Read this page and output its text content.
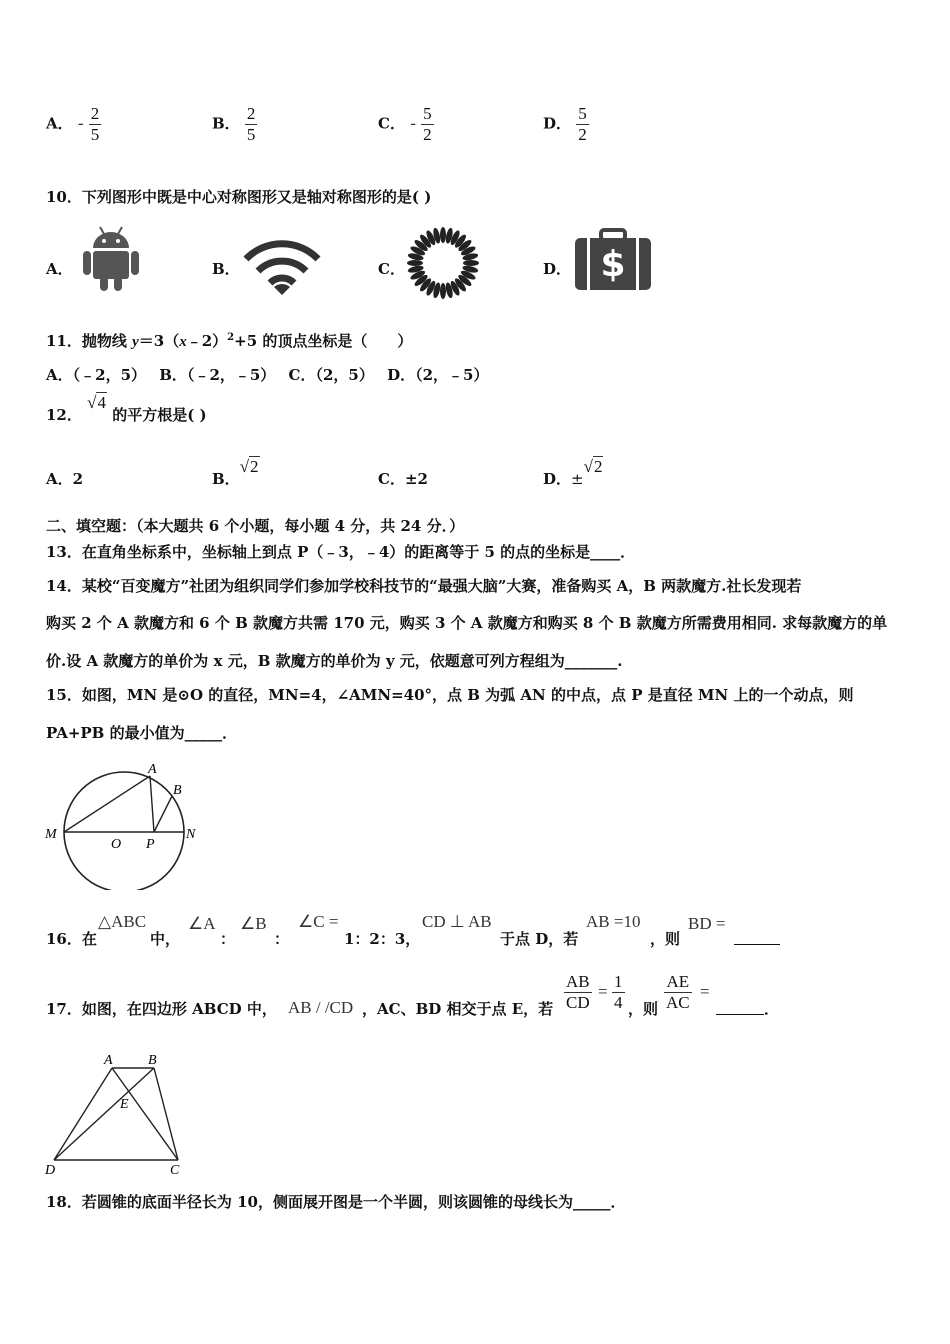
A． - $\frac{2}{5}$	B． $\frac{2}{5}$	C． - $\frac{5}{2}$	D． $\frac{5}{2}$
10．下列图形中既是中心对称图形又是轴对称图形的是( )
A．	B．	C．	D． $
11．抛物线 y＝3（x﹣2）$^2$+5 的顶点坐标是（　　）
A．（﹣2，5） B．（﹣2，﹣5） C．（2，5） D．（2，﹣5）
12． √4 的平方根是( )
A．2	B．√2
C．±2	D．±√2
二、填空题：（本大题共 6 个小题，每小题 4 分，共 24 分．）
13．在直角坐标系中，坐标轴上到点 P（﹣3，﹣4）的距离等于 5 的点的坐标是____．
14．某校“百变魔方”社团为组织同学们参加学校科技节的“最强大脑”大赛，准备购买 A，B 两款魔方.社长发现若
购买 2 个 A 款魔方和 6 个 B 款魔方共需 170 元，购买 3 个 A 款魔方和购买 8 个 B 款魔方所需费用相同. 求每款魔方的单
价.设 A 款魔方的单价为 x 元，B 款魔方的单价为 y 元，依题意可列方程组为_______.
15．如图，MN 是⊙O 的直径，MN=4，∠AMN=40°，点 B 为弧 AN 的中点，点 P 是直径 MN 上的一个动点，则
PA+PB 的最小值为_____．
A
B
M	N
O P
16．在
△ABC
中，
∠A
：
∠B
：
∠C =
1：2：3，
CD ⊥ AB
于点 D，若
AB =10
，则
BD =
17．如图，在四边形 ABCD 中， AB / /CD ，AC、BD 相交于点 E，若 $\frac{AB}{CD} = \frac{1}{4}$ ，则 $\frac{AE}{AC}$ =
．
A	B
D	C
E
18．若圆锥的底面半径长为 10，侧面展开图是一个半圆，则该圆锥的母线长为_____．
